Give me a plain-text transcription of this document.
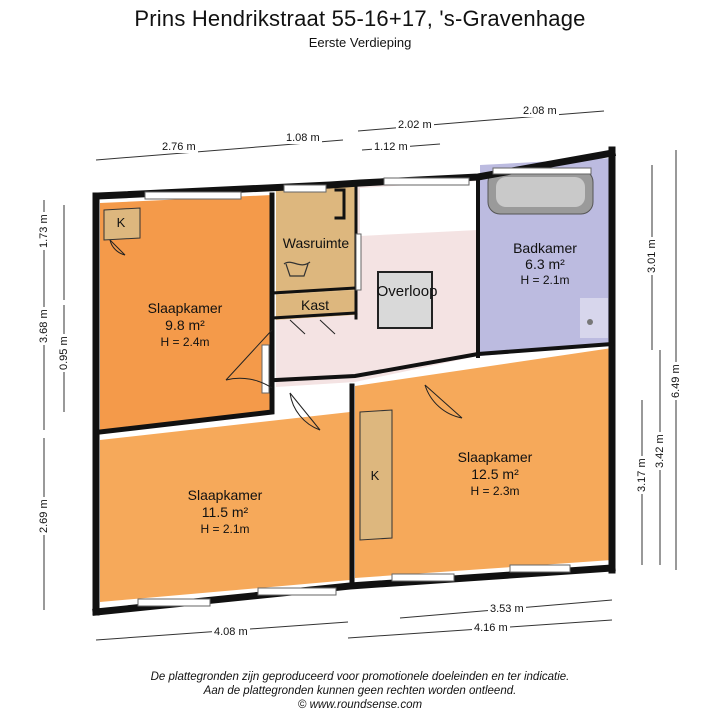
Prins Hendrikstraat 55-16+17, 's-Gravenhage
Eerste Verdieping
Slaapkamer
9.8 m²
H = 2.4m
Slaapkamer
11.5 m²
H = 2.1m
Slaapkamer
12.5 m²
H = 2.3m
Badkamer
6.3 m²
H = 2.1m
Wasruimte
Kast
Overloop
K
K
2.76 m
1.08 m
2.02 m
1.12 m
2.08 m
1.73 m
3.68 m
0.95 m
2.69 m
3.01 m
6.49 m
3.42 m
3.17 m
4.08 m
3.53 m
4.16 m
De plattegronden zijn geproduceerd voor promotionele doeleinden en ter indicatie.
Aan de plattegronden kunnen geen rechten worden ontleend.
© www.roundsense.com
